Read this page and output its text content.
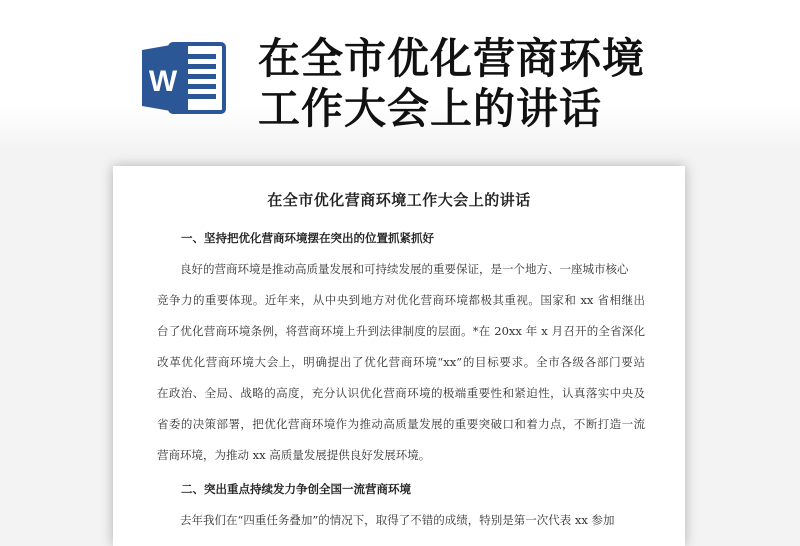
W 在全市优化营商环境
工作大会上的讲话

在全市优化营商环境工作大会上的讲话

一、坚持把优化营商环境摆在突出的位置抓紧抓好

良好的营商环境是推动高质量发展和可持续发展的重要保证，是一个地方、一座城市核心

竞争力的重要体现。近年来，从中央到地方对优化营商环境都极其重视。国家和 xx 省相继出

台了优化营商环境条例，将营商环境上升到法律制度的层面。*在 20xx 年 x 月召开的全省深化

改革优化营商环境大会上，明确提出了优化营商环境“xx”的目标要求。全市各级各部门要站

在政治、全局、战略的高度，充分认识优化营商环境的极端重要性和紧迫性，认真落实中央及

省委的决策部署，把优化营商环境作为推动高质量发展的重要突破口和着力点，不断打造一流

营商环境，为推动 xx 高质量发展提供良好发展环境。

二、突出重点持续发力争创全国一流营商环境

去年我们在“四重任务叠加”的情况下，取得了不错的成绩，特别是第一次代表 xx 参加
